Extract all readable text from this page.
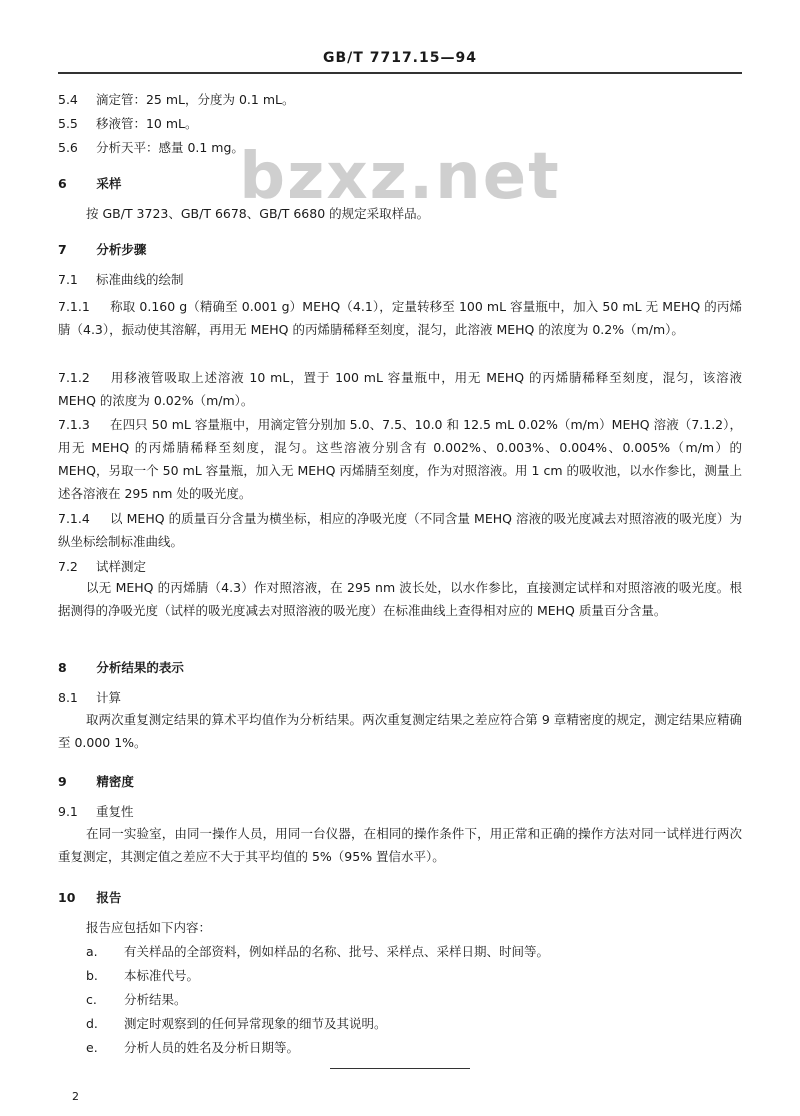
GB/T 7717.15—94
bzxz.net
5.4 滴定管：25 mL，分度为 0.1 mL。
5.5 移液管：10 mL。
5.6 分析天平：感量 0.1 mg。
6 采样
按 GB/T 3723、GB/T 6678、GB/T 6680 的规定采取样品。
7 分析步骤
7.1 标准曲线的绘制
7.1.1 称取 0.160 g（精确至 0.001 g）MEHQ（4.1），定量转移至 100 mL 容量瓶中，加入 50 mL 无 MEHQ 的丙烯腈（4.3），振动使其溶解，再用无 MEHQ 的丙烯腈稀释至刻度，混匀，此溶液 MEHQ 的浓度为 0.2%（m/m）。
7.1.2 用移液管吸取上述溶液 10 mL，置于 100 mL 容量瓶中，用无 MEHQ 的丙烯腈稀释至刻度，混匀，该溶液 MEHQ 的浓度为 0.02%（m/m）。
7.1.3 在四只 50 mL 容量瓶中，用滴定管分别加 5.0、7.5、10.0 和 12.5 mL 0.02%（m/m）MEHQ 溶液（7.1.2），用无 MEHQ 的丙烯腈稀释至刻度，混匀。这些溶液分别含有 0.002%、0.003%、0.004%、0.005%（m/m）的 MEHQ，另取一个 50 mL 容量瓶，加入无 MEHQ 丙烯腈至刻度，作为对照溶液。用 1 cm 的吸收池，以水作参比，测量上述各溶液在 295 nm 处的吸光度。
7.1.4 以 MEHQ 的质量百分含量为横坐标，相应的净吸光度（不同含量 MEHQ 溶液的吸光度减去对照溶液的吸光度）为纵坐标绘制标准曲线。
7.2 试样测定
以无 MEHQ 的丙烯腈（4.3）作对照溶液，在 295 nm 波长处，以水作参比，直接测定试样和对照溶液的吸光度。根据测得的净吸光度（试样的吸光度减去对照溶液的吸光度）在标准曲线上查得相对应的 MEHQ 质量百分含量。
8 分析结果的表示
8.1 计算
取两次重复测定结果的算术平均值作为分析结果。两次重复测定结果之差应符合第 9 章精密度的规定，测定结果应精确至 0.000 1%。
9 精密度
9.1 重复性
在同一实验室，由同一操作人员，用同一台仪器，在相同的操作条件下，用正常和正确的操作方法对同一试样进行两次重复测定，其测定值之差应不大于其平均值的 5%（95% 置信水平）。
10 报告
报告应包括如下内容：
a. 有关样品的全部资料，例如样品的名称、批号、采样点、采样日期、时间等。
b. 本标准代号。
c. 分析结果。
d. 测定时观察到的任何异常现象的细节及其说明。
e. 分析人员的姓名及分析日期等。
2
